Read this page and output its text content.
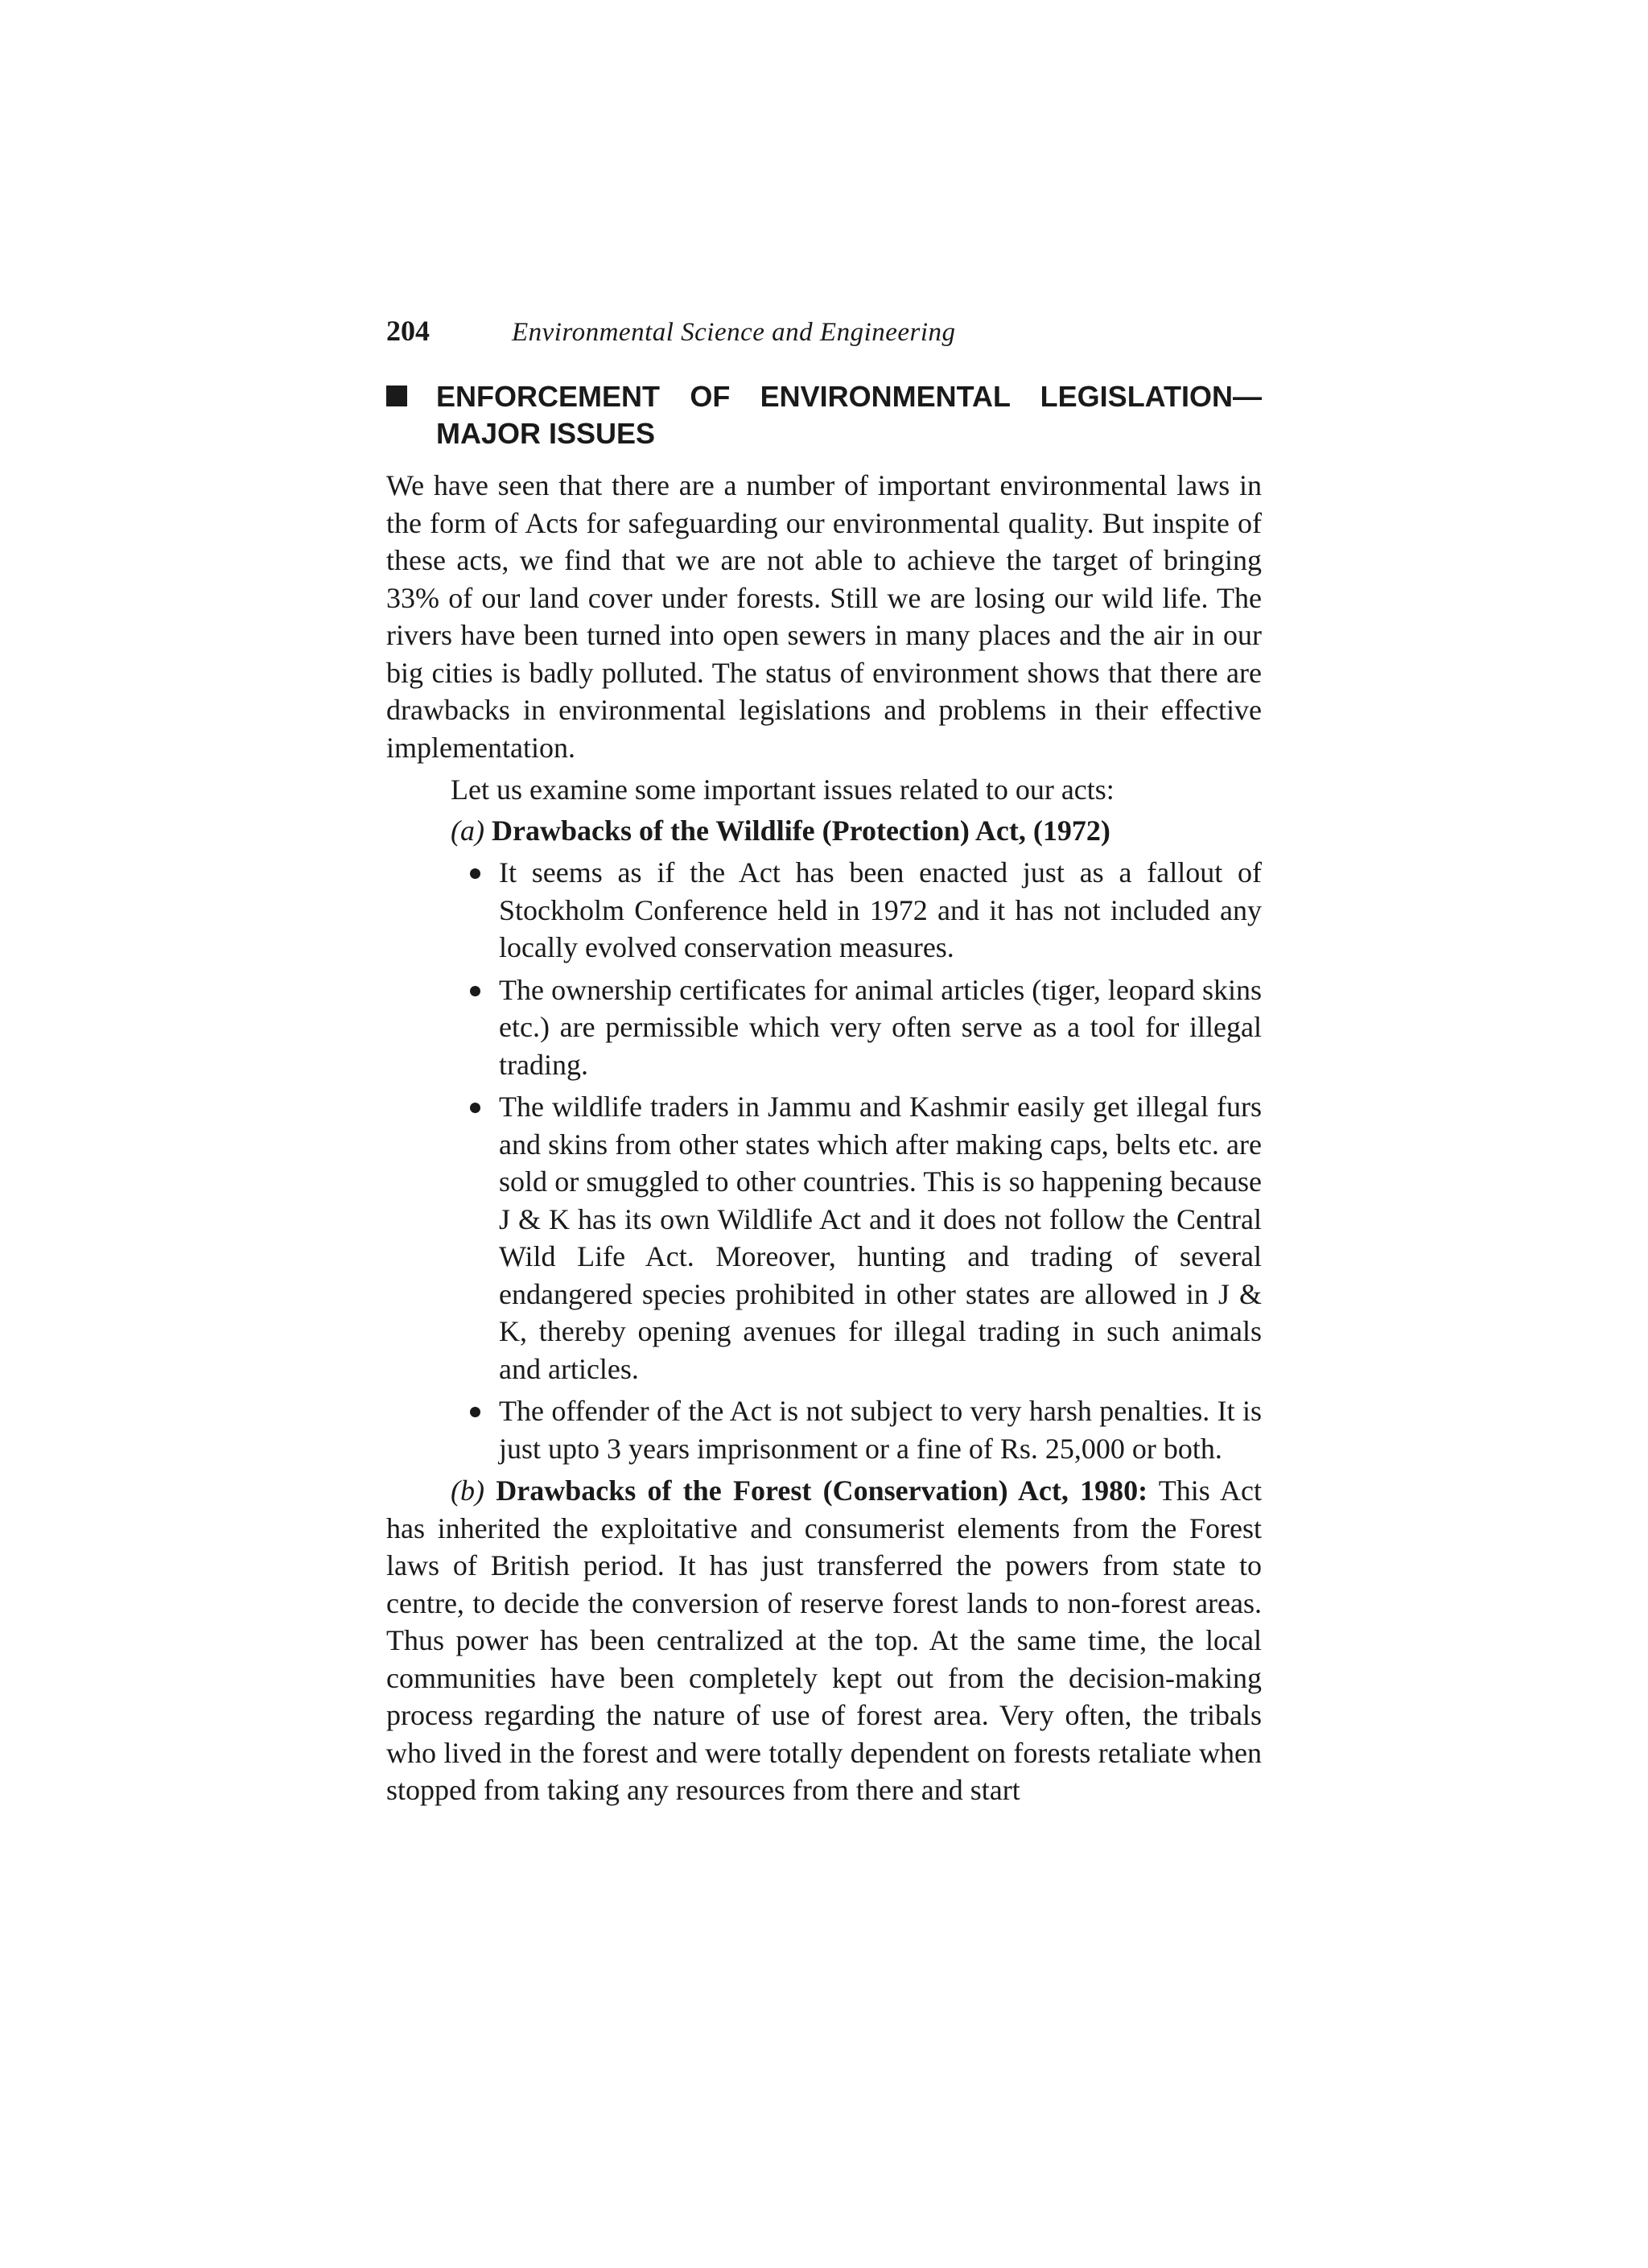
204	Environmental Science and Engineering
ENFORCEMENT OF ENVIRONMENTAL LEGISLATION—
MAJOR ISSUES

We have seen that there are a number of important environmental laws in the form of Acts for safeguarding our environmental quality. But inspite of these acts, we find that we are not able to achieve the target of bringing 33% of our land cover under forests. Still we are losing our wild life. The rivers have been turned into open sewers in many places and the air in our big cities is badly polluted. The status of environment shows that there are drawbacks in environmental legislations and problems in their effective implementation.

Let us examine some important issues related to our acts:

(a) Drawbacks of the Wildlife (Protection) Act, (1972)
It seems as if the Act has been enacted just as a fallout of Stockholm Conference held in 1972 and it has not included any locally evolved conservation measures.
The ownership certificates for animal articles (tiger, leopard skins etc.) are permissible which very often serve as a tool for illegal trading.
The wildlife traders in Jammu and Kashmir easily get illegal furs and skins from other states which after making caps, belts etc. are sold or smuggled to other countries. This is so happening because J & K has its own Wildlife Act and it does not follow the Central Wild Life Act. Moreover, hunting and trading of several endangered species prohibited in other states are allowed in J & K, thereby opening avenues for illegal trading in such animals and articles.
The offender of the Act is not subject to very harsh penalties. It is just upto 3 years imprisonment or a fine of Rs. 25,000 or both.

(b) Drawbacks of the Forest (Conservation) Act, 1980: This Act has inherited the exploitative and consumerist elements from the Forest laws of British period. It has just transferred the powers from state to centre, to decide the conversion of reserve forest lands to non-forest areas. Thus power has been centralized at the top. At the same time, the local communities have been completely kept out from the decision-making process regarding the nature of use of forest area. Very often, the tribals who lived in the forest and were totally dependent on forests retaliate when stopped from taking any resources from there and start
